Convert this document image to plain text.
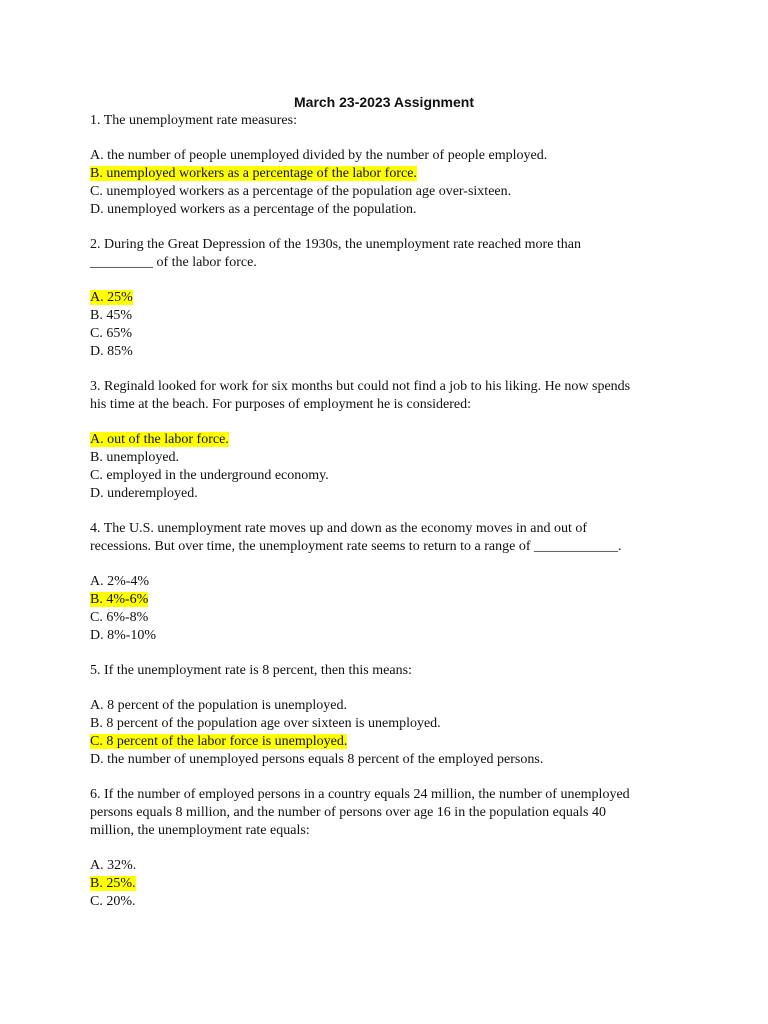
March 23-2023 Assignment
1. The unemployment rate measures:
A. the number of people unemployed divided by the number of people employed.
B. unemployed workers as a percentage of the labor force.
C. unemployed workers as a percentage of the population age over-sixteen.
D. unemployed workers as a percentage of the population.
2. During the Great Depression of the 1930s, the unemployment rate reached more than
_________ of the labor force.
A. 25%
B. 45%
C. 65%
D. 85%
3. Reginald looked for work for six months but could not find a job to his liking. He now spends
his time at the beach. For purposes of employment he is considered:
A. out of the labor force.
B. unemployed.
C. employed in the underground economy.
D. underemployed.
4. The U.S. unemployment rate moves up and down as the economy moves in and out of
recessions. But over time, the unemployment rate seems to return to a range of ____________.
A. 2%-4%
B. 4%-6%
C. 6%-8%
D. 8%-10%
5. If the unemployment rate is 8 percent, then this means:
A. 8 percent of the population is unemployed.
B. 8 percent of the population age over sixteen is unemployed.
C. 8 percent of the labor force is unemployed.
D. the number of unemployed persons equals 8 percent of the employed persons.
6. If the number of employed persons in a country equals 24 million, the number of unemployed
persons equals 8 million, and the number of persons over age 16 in the population equals 40
million, the unemployment rate equals:
A. 32%.
B. 25%.
C. 20%.
